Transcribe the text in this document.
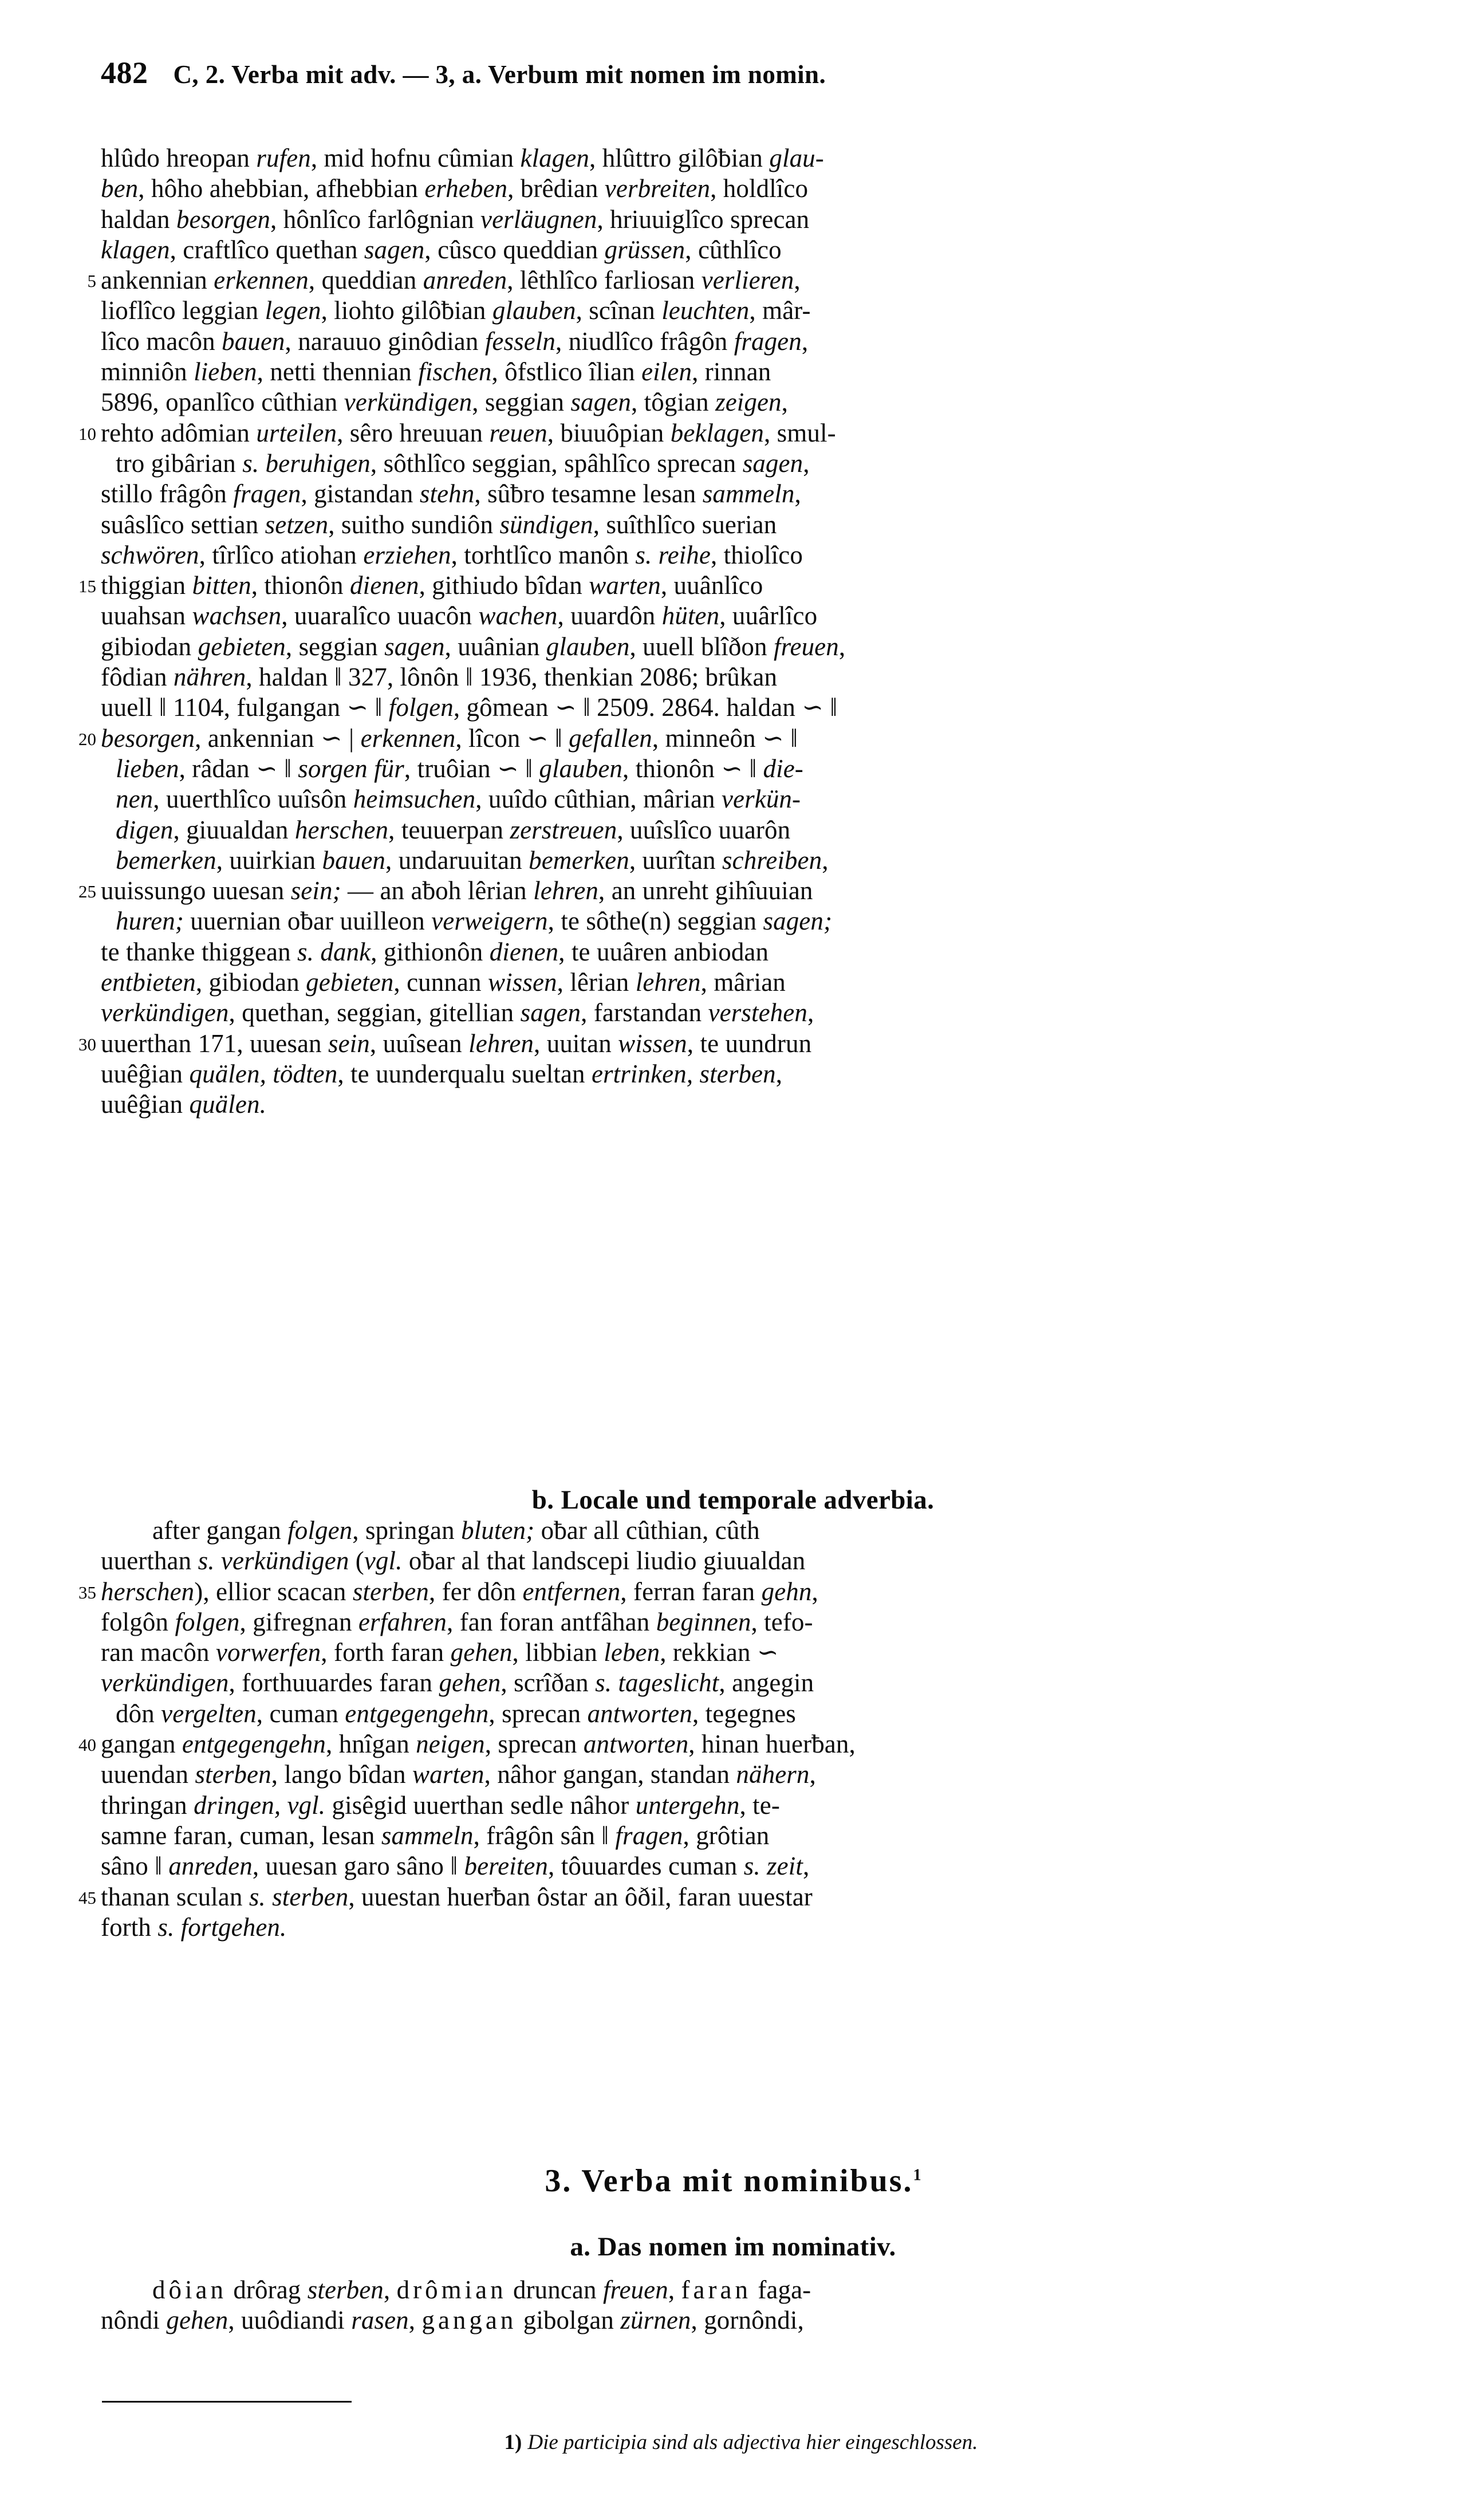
482 C, 2. Verba mit adv. — 3, a. Verbum mit nomen im nomin.
hlûdo hreopan rufen, mid hofnu cûmian klagen, hlûttro gilôƀian glau-
ben, hôho ahebbian, afhebbian erheben, brêdian verbreiten, holdlîco
haldan besorgen, hônlîco farlôgnian verläugnen, hriuuiglîco sprecan
klagen, craftlîco quethan sagen, cûsco queddian grüssen, cûthlîco
5 ankennian erkennen, queddian anreden, lêthlîco farliosan verlieren,
lioflîco leggian legen, liohto gilôƀian glauben, scînan leuchten, mâr-
lîco macôn bauen, narauuo ginôdian fesseln, niudlîco frâgôn fragen,
minniôn lieben, netti thennian fischen, ôfstlico îlian eilen, rinnan
5896, opanlîco cûthian verkündigen, seggian sagen, tôgian zeigen,
10 rehto adômian urteilen, sêro hreuuan reuen, biuuôpian beklagen, smul-
tro gibârian s. beruhigen, sôthlîco seggian, spâhlîco sprecan sagen,
stillo frâgôn fragen, gistandan stehn, sûƀro tesamne lesan sammeln,
suâslîco settian setzen, suitho sundiôn sündigen, suîthlîco suerian
schwören, tîrlîco atiohan erziehen, torhtlîco manôn s. reihe, thiolîco
15 thiggian bitten, thionôn dienen, githiudo bîdan warten, uuânlîco
uuahsan wachsen, uuaralîco uuacôn wachen, uuardôn hüten, uuârlîco
gibiodan gebieten, seggian sagen, uuânian glauben, uuell blîðon freuen,
fôdian nähren, haldan ‖ 327, lônôn ‖ 1936, thenkian 2086; brûkan
uuell ‖ 1104, fulgangan ∽ ‖ folgen, gômean ∽ ‖ 2509. 2864. haldan ∽ ‖
20 besorgen, ankennian ∽ | erkennen, lîcon ∽ ‖ gefallen, minneôn ∽ ‖
lieben, râdan ∽ ‖ sorgen für, truôian ∽ ‖ glauben, thionôn ∽ ‖ die-
nen, uuerthlîco uuîsôn heimsuchen, uuîdo cûthian, mârian verkün-
digen, giuualdan herschen, teuuerpan zerstreuen, uuîslîco uuarôn
bemerken, uuirkian bauen, undaruuitan bemerken, uurîtan schreiben,
25 uuissungo uuesan sein; — an aƀoh lêrian lehren, an unreht gihîuuian
huren; uuernian oƀar uuilleon verweigern, te sôthe(n) seggian sagen;
te thanke thiggean s. dank, githionôn dienen, te uuâren anbiodan
entbieten, gibiodan gebieten, cunnan wissen, lêrian lehren, mârian
verkündigen, quethan, seggian, gitellian sagen, farstandan verstehen,
30 uuerthan 171, uuesan sein, uuîsean lehren, uuitan wissen, te uundrun
uuêĝian quälen, tödten, te uunderqualu sueltan ertrinken, sterben,
uuêĝian quälen.
after gangan folgen, springan bluten; oƀar all cûthian, cûth
uuerthan s. verkündigen (vgl. oƀar al that landscepi liudio giuualdan
35 herschen), ellior scacan sterben, fer dôn entfernen, ferran faran gehn,
folgôn folgen, gifregnan erfahren, fan foran antfâhan beginnen, tefo-
ran macôn vorwerfen, forth faran gehen, libbian leben, rekkian ∽
verkündigen, forthuuardes faran gehen, scrîðan s. tageslicht, angegin
dôn vergelten, cuman entgegengehn, sprecan antworten, tegegnes
40 gangan entgegengehn, hnîgan neigen, sprecan antworten, hinan huerƀan,
uuendan sterben, lango bîdan warten, nâhor gangan, standan nähern,
thringan dringen, vgl. gisêgid uuerthan sedle nâhor untergehn, te-
samne faran, cuman, lesan sammeln, frâgôn sân ‖ fragen, grôtian
sâno ‖ anreden, uuesan garo sâno ‖ bereiten, tôuuardes cuman s. zeit,
45 thanan sculan s. sterben, uuestan huerƀan ôstar an ôðil, faran uuestar
forth s. fortgehen.
dôian drôrag sterben, drômian druncan freuen, faran faga-
nôndi gehen, uuôdiandi rasen, gangan gibolgan zürnen, gornôndi,
b. Locale und temporale adverbia.
3. Verba mit nominibus.$^1$
a. Das nomen im nominativ.
1) Die participia sind als adjectiva hier eingeschlossen.
